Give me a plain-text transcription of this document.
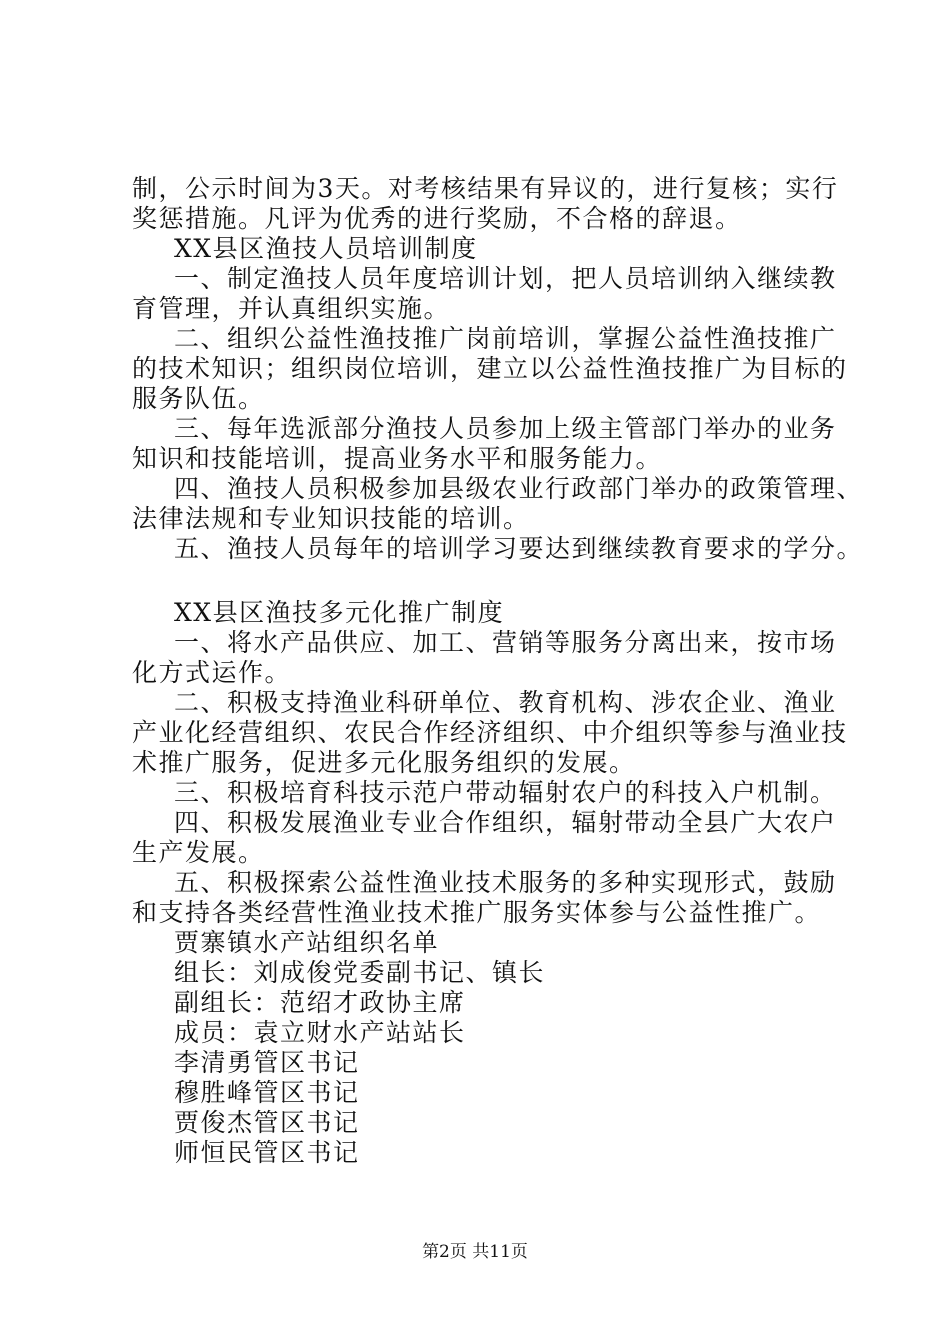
制，公示时间为3天。对考核结果有异议的，进行复核；实行
奖惩措施。凡评为优秀的进行奖励，不合格的辞退。
XX县区渔技人员培训制度
一、制定渔技人员年度培训计划，把人员培训纳入继续教
育管理，并认真组织实施。
二、组织公益性渔技推广岗前培训，掌握公益性渔技推广
的技术知识；组织岗位培训，建立以公益性渔技推广为目标的
服务队伍。
三、每年选派部分渔技人员参加上级主管部门举办的业务
知识和技能培训，提高业务水平和服务能力。
四、渔技人员积极参加县级农业行政部门举办的政策管理、
法律法规和专业知识技能的培训。
五、渔技人员每年的培训学习要达到继续教育要求的学分。
XX县区渔技多元化推广制度
一、将水产品供应、加工、营销等服务分离出来，按市场
化方式运作。
二、积极支持渔业科研单位、教育机构、涉农企业、渔业
产业化经营组织、农民合作经济组织、中介组织等参与渔业技
术推广服务，促进多元化服务组织的发展。
三、积极培育科技示范户带动辐射农户的科技入户机制。
四、积极发展渔业专业合作组织，辐射带动全县广大农户
生产发展。
五、积极探索公益性渔业技术服务的多种实现形式，鼓励
和支持各类经营性渔业技术推广服务实体参与公益性推广。
贾寨镇水产站组织名单
组长：刘成俊党委副书记、镇长
副组长：范绍才政协主席
成员：袁立财水产站站长
李清勇管区书记
穆胜峰管区书记
贾俊杰管区书记
师恒民管区书记
第2页 共11页
